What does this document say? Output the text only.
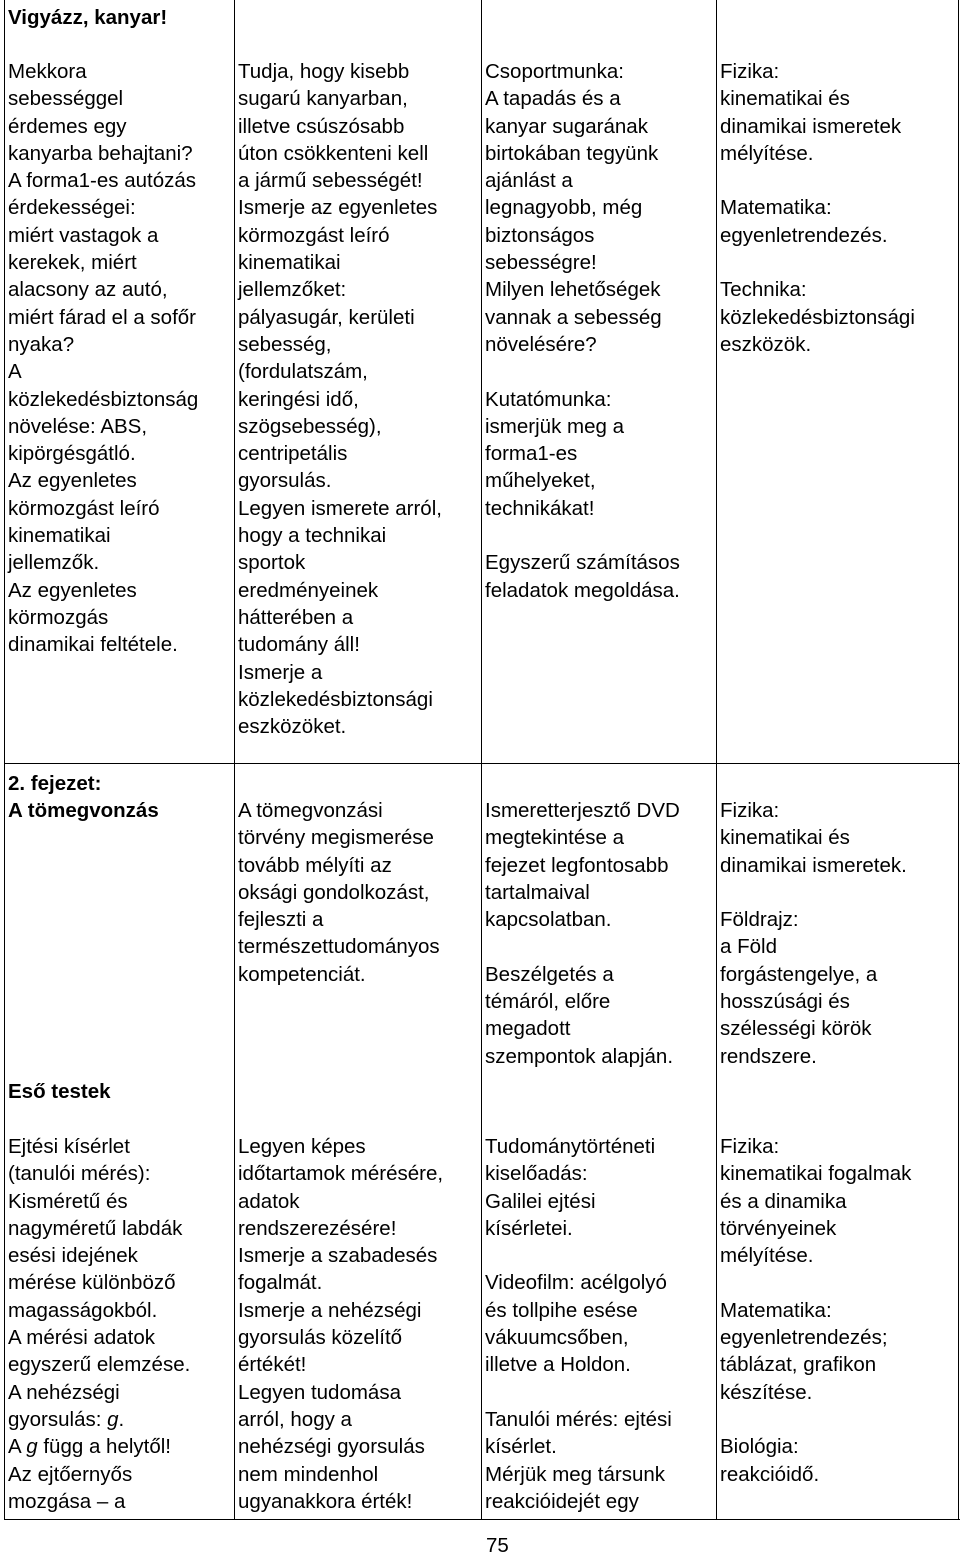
Vigyázz, kanyar!
Mekkora
sebességgel
érdemes egy
kanyarba behajtani?
A forma1-es autózás
érdekességei:
miért vastagok a
kerekek, miért
alacsony az autó,
miért fárad el a sofőr
nyaka?
A
közlekedésbiztonság
növelése: ABS,
kipörgésgátló.
Az egyenletes
körmozgást leíró
kinematikai
jellemzők.
Az egyenletes
körmozgás
dinamikai feltétele.
Tudja, hogy kisebb
sugarú kanyarban,
illetve csúszósabb
úton csökkenteni kell
a jármű sebességét!
Ismerje az egyenletes
körmozgást leíró
kinematikai
jellemzőket:
pályasugár, kerületi
sebesség,
(fordulatszám,
keringési idő,
szögsebesség),
centripetális
gyorsulás.
Legyen ismerete arról,
hogy a technikai
sportok
eredményeinek
hátterében a
tudomány áll!
Ismerje a
közlekedésbiztonsági
eszközöket.
Csoportmunka:
A tapadás és a
kanyar sugarának
birtokában tegyünk
ajánlást a
legnagyobb, még
biztonságos
sebességre!
Milyen lehetőségek
vannak a sebesség
növelésére?

Kutatómunka:
ismerjük meg a
forma1-es
műhelyeket,
technikákat!

Egyszerű számításos
feladatok megoldása.
Fizika:
kinematikai és
dinamikai ismeretek
mélyítése.

Matematika:
egyenletrendezés.

Technika:
közlekedésbiztonsági
eszközök.
2. fejezet:
A tömegvonzás	A tömegvonzási
törvény megismerése
tovább mélyíti az
oksági gondolkozást,
fejleszti a
természettudományos
kompetenciát.
Ismeretterjesztő DVD
megtekintése a
fejezet legfontosabb
tartalmaival
kapcsolatban.

Beszélgetés a
témáról, előre
megadott
szempontok alapján.
Fizika:
kinematikai és
dinamikai ismeretek.

Földrajz:
a Föld
forgástengelye, a
hosszúsági és
szélességi körök
rendszere.
Eső testek
Ejtési kísérlet
(tanulói mérés):
Kisméretű és
nagyméretű labdák
esési idejének
mérése különböző
magasságokból.
A mérési adatok
egyszerű elemzése.
A nehézségi
gyorsulás: g.
A g függ a helytől!
Az ejtőernyős
mozgása – a
Legyen képes
időtartamok mérésére,
adatok
rendszerezésére!
Ismerje a szabadesés
fogalmát.
Ismerje a nehézségi
gyorsulás közelítő
értékét!
Legyen tudomása
arról, hogy a
nehézségi gyorsulás
nem mindenhol
ugyanakkora érték!
Tudománytörténeti
kiselőadás:
Galilei ejtési
kísérletei.

Videofilm: acélgolyó
és tollpihe esése
vákuumcsőben,
illetve a Holdon.

Tanulói mérés: ejtési
kísérlet.
Mérjük meg társunk
reakcióidejét egy
Fizika:
kinematikai fogalmak
és a dinamika
törvényeinek
mélyítése.

Matematika:
egyenletrendezés;
táblázat, grafikon
készítése.

Biológia:
reakcióidő.
75
